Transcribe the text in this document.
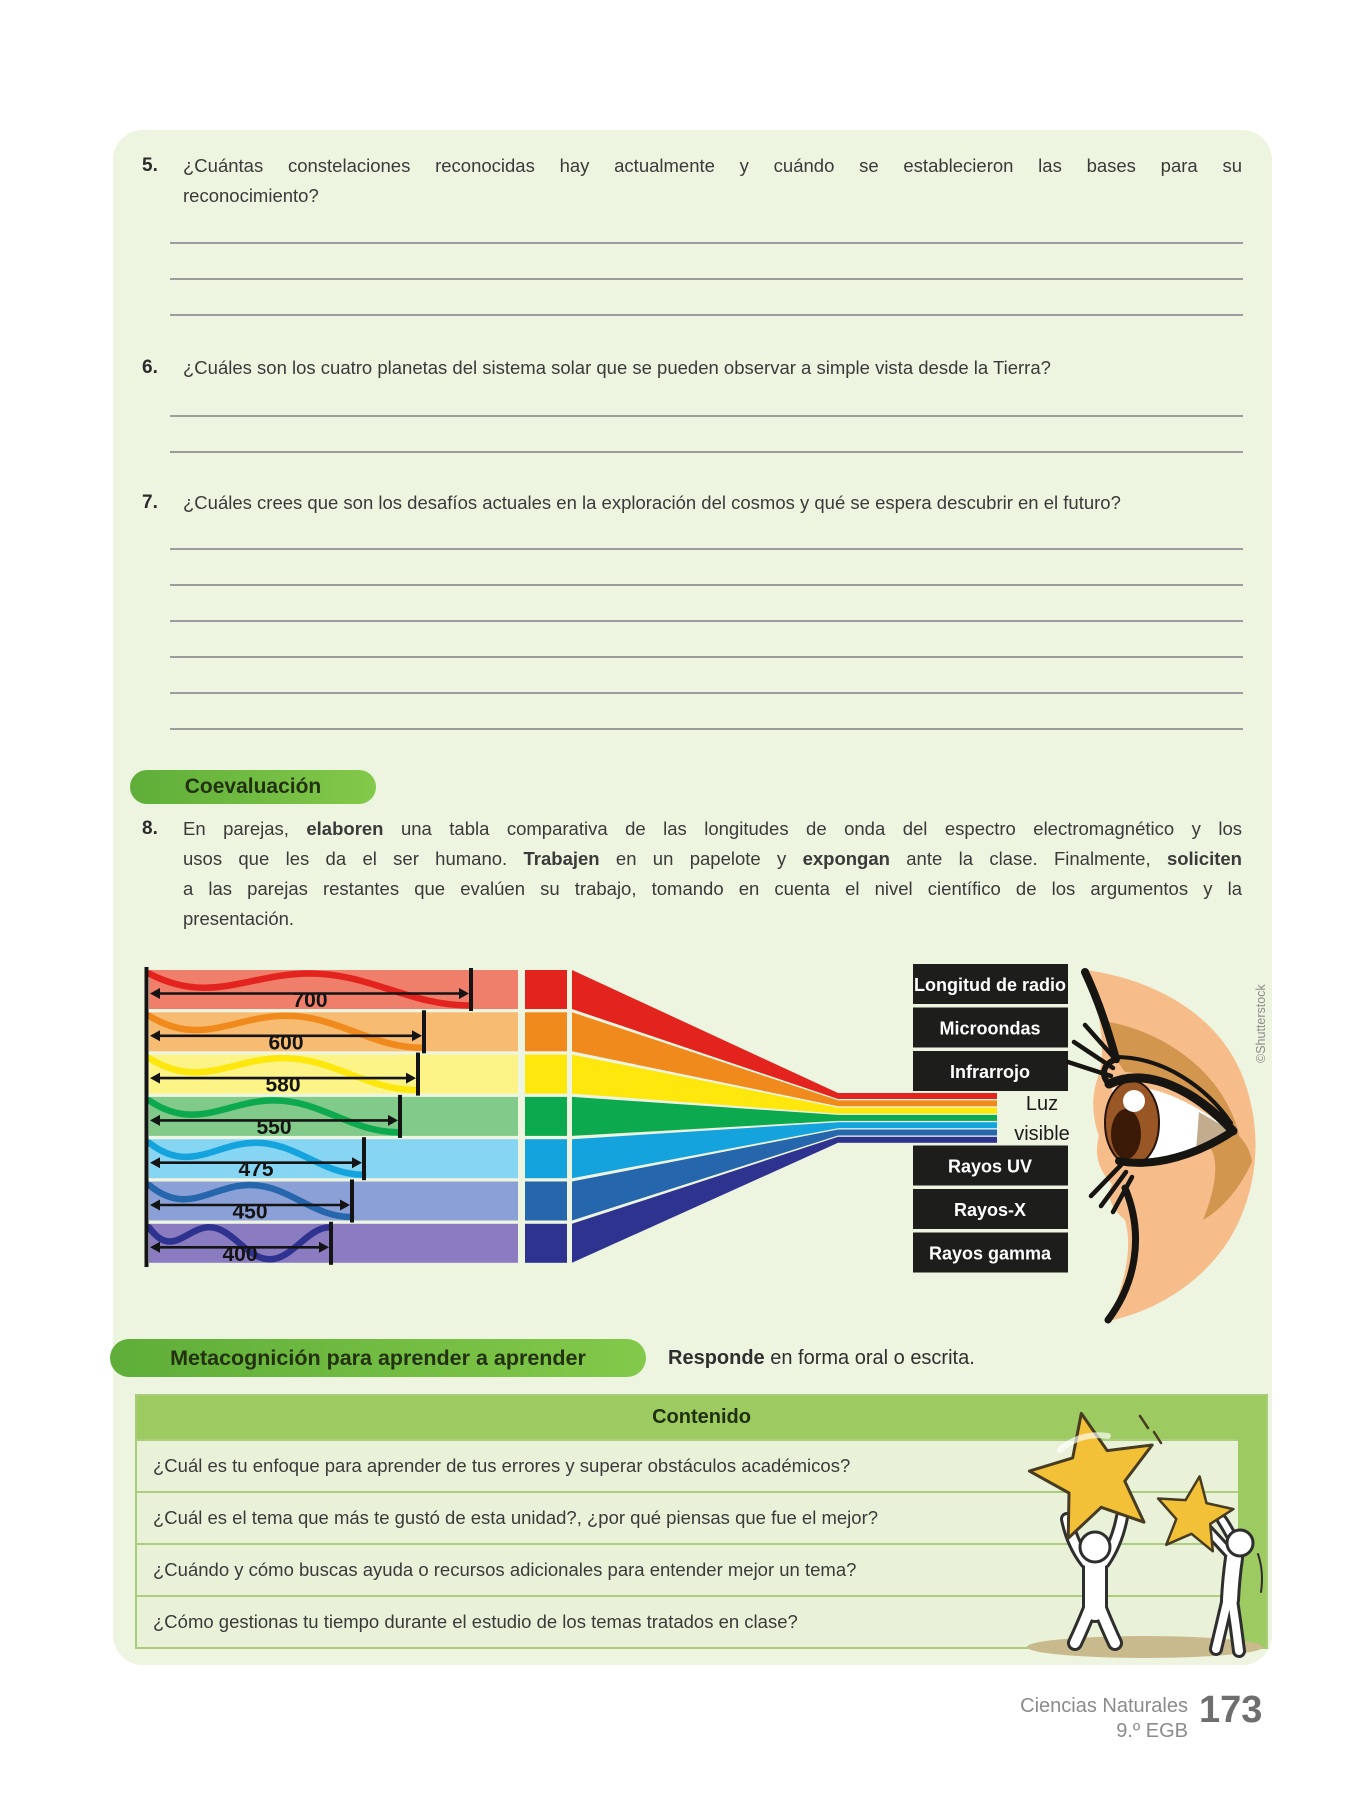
5.	¿Cuántas constelaciones reconocidas hay actualmente y cuándo se establecieron las bases para su
reconocimiento?
6.	¿Cuáles son los cuatro planetas del sistema solar que se pueden observar a simple vista desde la Tierra?
7.	¿Cuáles crees que son los desafíos actuales en la exploración del cosmos y qué se espera descubrir en el futuro?
Coevaluación
8.	En parejas, elaboren una tabla comparativa de las longitudes de onda del espectro electromagnético y los
usos que les da el ser humano. Trabajen en un papelote y expongan ante la clase. Finalmente, soliciten
a las parejas restantes que evalúen su trabajo, tomando en cuenta el nivel científico de los argumentos y la
presentación.
700
600
580
550
475
450
400
Longitud de radio
Microondas
Infrarrojo
Rayos UV
Rayos-X
Rayos gamma
Luz
visible
©Shutterstock
Metacognición para aprender a aprender	Responde en forma oral o escrita.
Contenido
¿Cuál es tu enfoque para aprender de tus errores y superar obstáculos académicos?
¿Cuál es el tema que más te gustó de esta unidad?, ¿por qué piensas que fue el mejor?
¿Cuándo y cómo buscas ayuda o recursos adicionales para entender mejor un tema?
¿Cómo gestionas tu tiempo durante el estudio de los temas tratados en clase?
Ciencias Naturales
9.º EGB 173
